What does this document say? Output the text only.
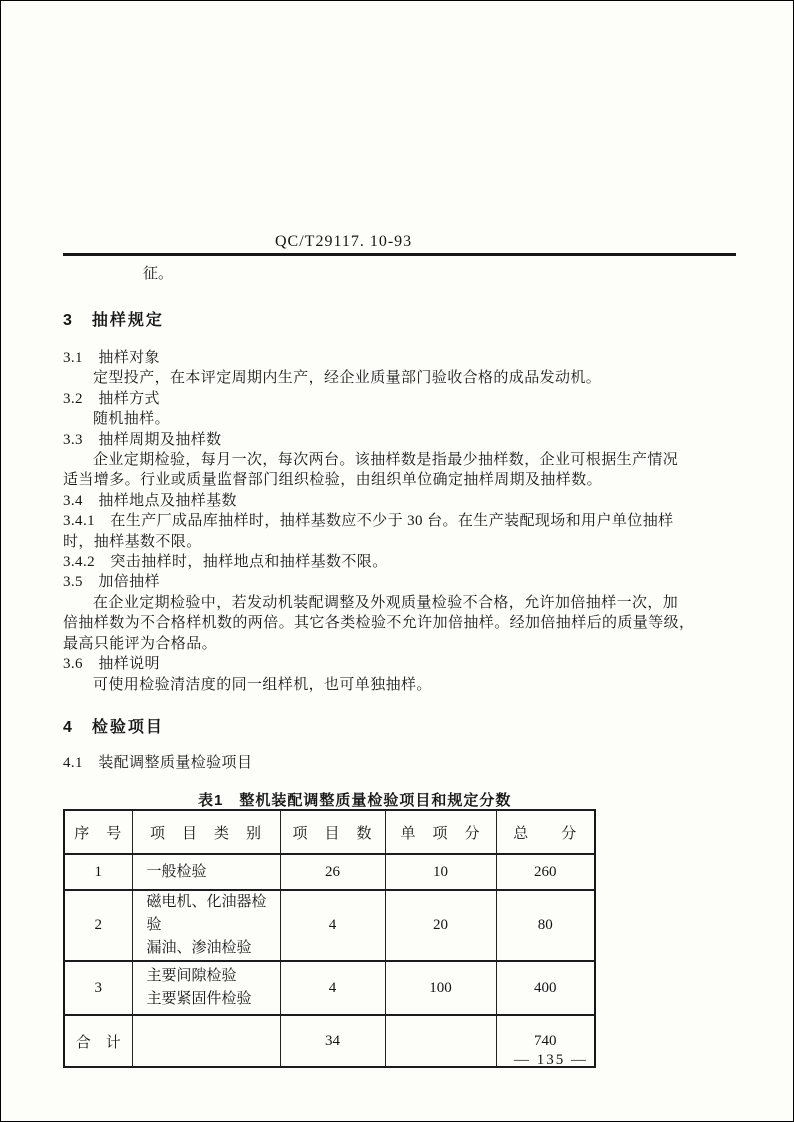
QC/T29117. 10-93
征。
3　抽样规定
3.1　抽样对象
定型投产，在本评定周期内生产，经企业质量部门验收合格的成品发动机。
3.2　抽样方式
随机抽样。
3.3　抽样周期及抽样数
企业定期检验，每月一次，每次两台。该抽样数是指最少抽样数，企业可根据生产情况
适当增多。行业或质量监督部门组织检验，由组织单位确定抽样周期及抽样数。
3.4　抽样地点及抽样基数
3.4.1　在生产厂成品库抽样时，抽样基数应不少于 30 台。在生产装配现场和用户单位抽样
时，抽样基数不限。
3.4.2　突击抽样时，抽样地点和抽样基数不限。
3.5　加倍抽样
在企业定期检验中，若发动机装配调整及外观质量检验不合格，允许加倍抽样一次，加
倍抽样数为不合格样机数的两倍。其它各类检验不允许加倍抽样。经加倍抽样后的质量等级，
最高只能评为合格品。
3.6　抽样说明
可使用检验清洁度的同一组样机，也可单独抽样。
4　检验项目
4.1　装配调整质量检验项目
表1　整机装配调整质量检验项目和规定分数
序　号	项　目　类　别	项　目　数	单　项　分	总　　分
1	一般检验	26	10	260
2	磁电机、化油器检验
漏油、渗油检验	4	20	80
3	主要间隙检验
主要紧固件检验	4	100	400
合　计		34		740
— 135 —
